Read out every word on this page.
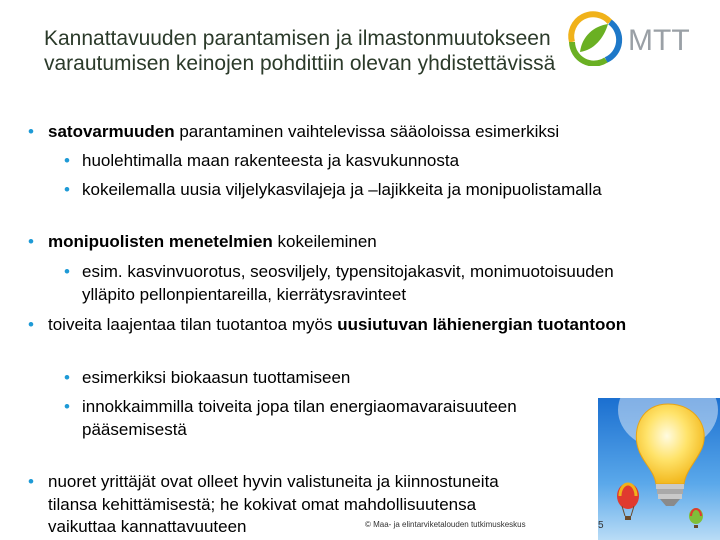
Kannattavuuden parantamisen ja ilmastonmuutokseen varautumisen keinojen pohdittiin olevan yhdistettävissä
MTT
• satovarmuuden parantaminen vaihtelevissa sääoloissa esimerkiksi
• huolehtimalla maan rakenteesta ja kasvukunnosta
• kokeilemalla uusia viljelykasvilajeja ja –lajikkeita ja monipuolistamalla
• monipuolisten menetelmien kokeileminen
• esim. kasvinvuorotus, seosviljely, typensitojakasvit, monimuotoisuuden ylläpito pellonpientareilla, kierrätysravinteet
• toiveita laajentaa tilan tuotantoa myös uusiutuvan lähienergian tuotantoon
• esimerkiksi biokaasun tuottamiseen
• innokkaimmilla toiveita jopa tilan energiaomavaraisuuteen pääsemisestä
• nuoret yrittäjät ovat olleet hyvin valistuneita ja kiinnostuneita tilansa kehittämisestä; he kokivat omat mahdollisuutensa vaikuttaa kannattavuuteen	© Maa- ja elintarviketalouden tutkimuskeskus	5
